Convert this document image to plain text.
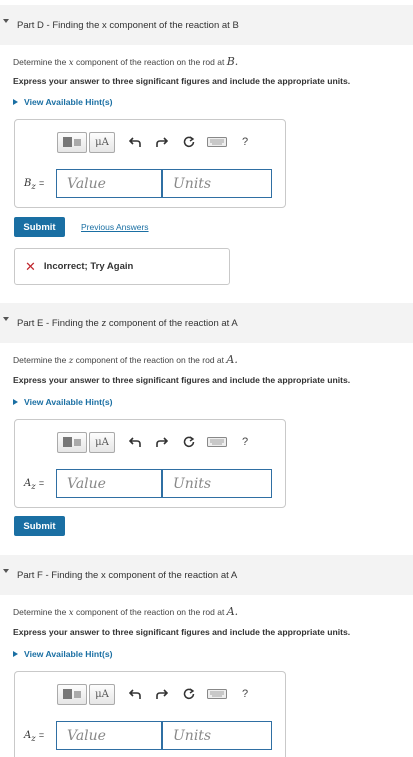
Part D - Finding the x component of the reaction at B
Determine the x component of the reaction on the rod at B.
Express your answer to three significant figures and include the appropriate units.
View Available Hint(s)
μA	?
$B_z$ =	Value	Units
Submit	Previous Answers
✕ Incorrect; Try Again
Part E - Finding the z component of the reaction at A
Determine the z component of the reaction on the rod at A.
Express your answer to three significant figures and include the appropriate units.
View Available Hint(s)
μA	?
$A_z$ =	Value	Units
Submit
Part F - Finding the x component of the reaction at A
Determine the x component of the reaction on the rod at A.
Express your answer to three significant figures and include the appropriate units.
View Available Hint(s)
μA	?
$A_z$ =	Value	Units
